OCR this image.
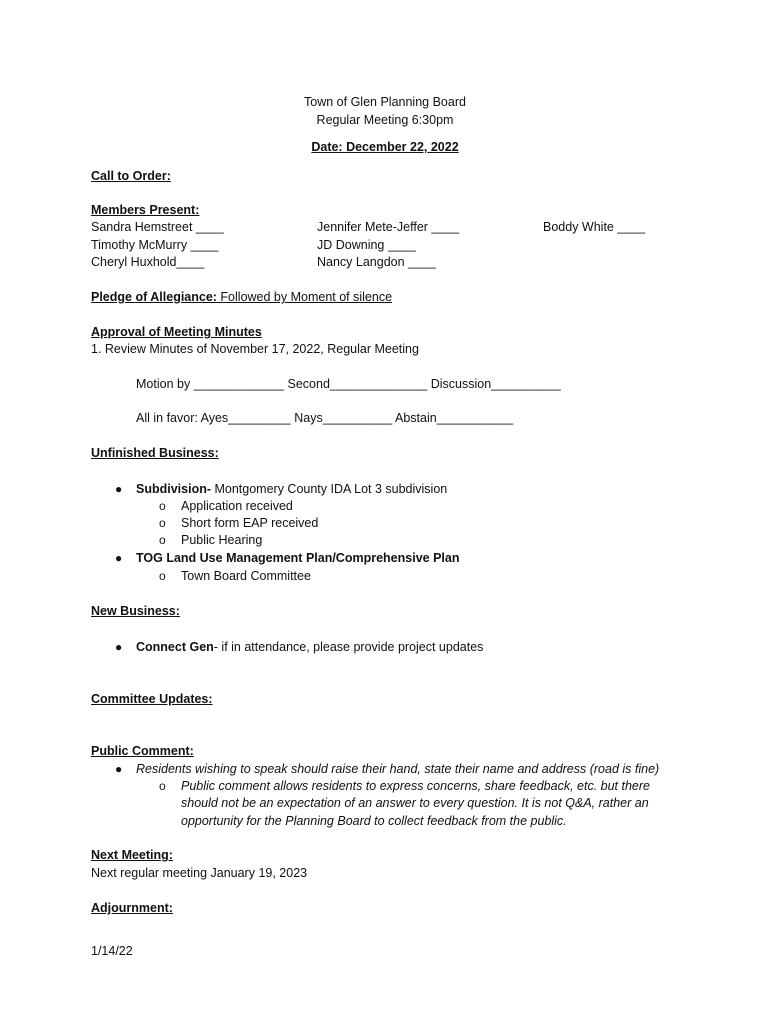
Town of Glen Planning Board
Regular Meeting 6:30pm
Date: December 22, 2022
Call to Order:
Members Present:
Sandra Hemstreet ____
Timothy McMurry ____
Cheryl Huxhold____
Jennifer Mete-Jeffer ____
JD Downing ____
Nancy Langdon ____
Boddy White ____
Pledge of Allegiance: Followed by Moment of silence
Approval of Meeting Minutes
1. Review Minutes of November 17, 2022, Regular Meeting
Motion by _____________ Second______________ Discussion__________
All in favor: Ayes_________ Nays__________ Abstain___________
Unfinished Business:
● Subdivision- Montgomery County IDA Lot 3 subdivision
o Application received
o Short form EAP received
o Public Hearing
● TOG Land Use Management Plan/Comprehensive Plan
o Town Board Committee
New Business:
● Connect Gen- if in attendance, please provide project updates
Committee Updates:
Public Comment:
● Residents wishing to speak should raise their hand, state their name and address (road is fine)
o Public comment allows residents to express concerns, share feedback, etc. but there
should not be an expectation of an answer to every question. It is not Q&A, rather an
opportunity for the Planning Board to collect feedback from the public.
Next Meeting:
Next regular meeting January 19, 2023
Adjournment:
1/14/22
